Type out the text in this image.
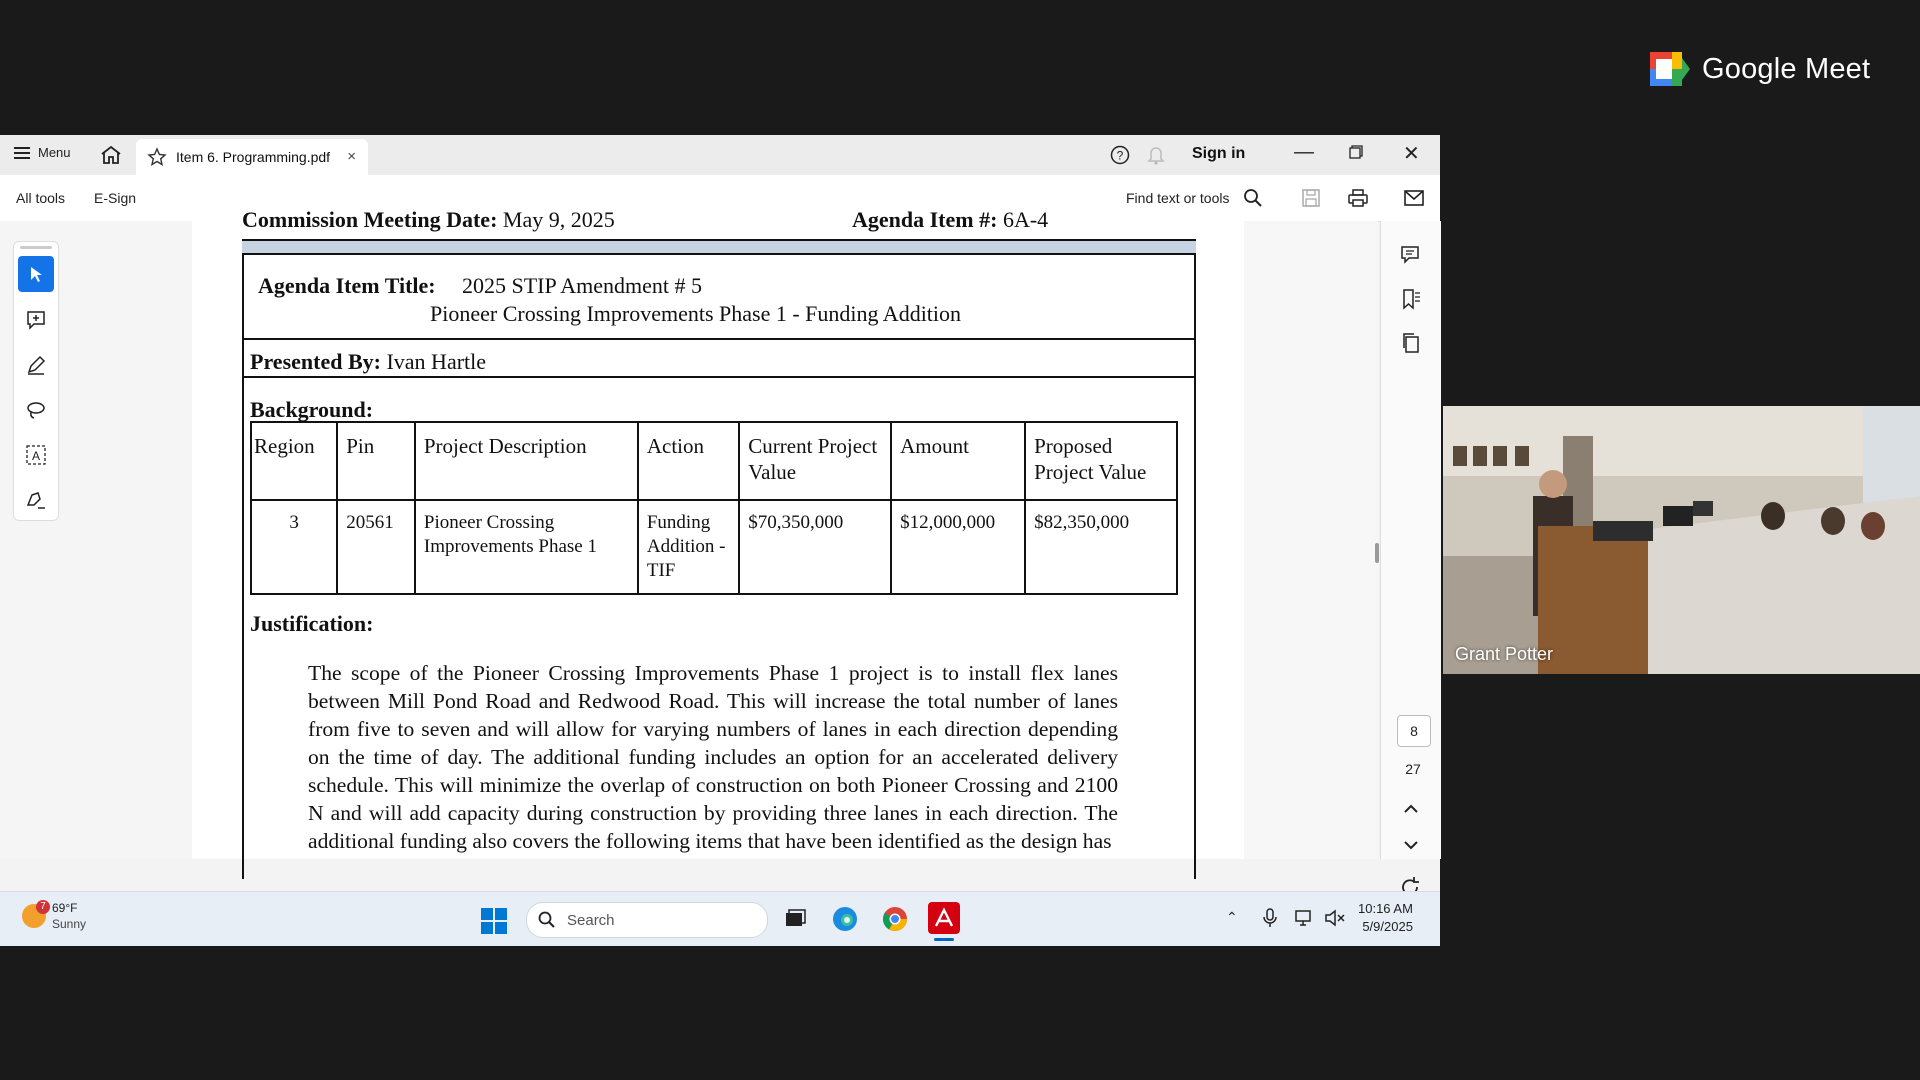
Google Meet
Grant Potter
Menu	Item 6. Programming.pdf ×	?	Sign in —	✕
All tools E-Sign	Find text or tools
A
Commission Meeting Date: May 9, 2025	Agenda Item #: 6A-4
Agenda Item Title: 2025 STIP Amendment # 5
Pioneer Crossing Improvements Phase 1 - Funding Addition
Presented By: Ivan Hartle
Background:
Region	Pin	Project Description	Action	Current Project Value	Amount	Proposed Project Value
3	20561	Pioneer Crossing Improvements Phase 1	Funding Addition - TIF	$70,350,000	$12,000,000	$82,350,000
Justification:

The scope of the Pioneer Crossing Improvements Phase 1 project is to install flex lanes between Mill Pond Road and Redwood Road. This will increase the total number of lanes from five to seven and will allow for varying numbers of lanes in each direction depending on the time of day. The additional funding includes an option for an accelerated delivery schedule. This will minimize the overlap of construction on both Pioneer Crossing and 2100 N and will add capacity during construction by providing three lanes in each direction. The additional funding also covers the following items that have been identified as the design has

8
27
7 69°F
Sunny	Search	⌃
10:16 AM
5/9/2025
